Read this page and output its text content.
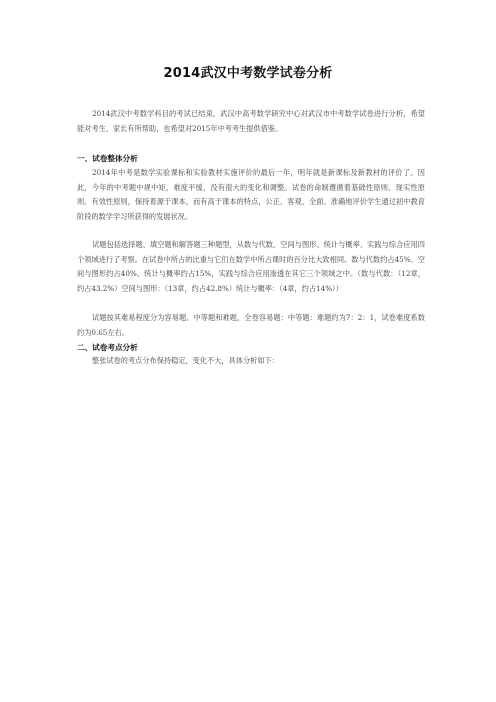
2014武汉中考数学试卷分析

2014武汉中考数学科目的考试已结束，武汉中高考数学研究中心对武汉市中考数学试卷进行分析，希望能对考生、家长有所帮助，也希望对2015年中考考生提供借鉴。

一、试卷整体分析

2014年中考是数学实验课标和实验教材实施评价的最后一年，明年就是新课标及新教材的评价了。因此，今年的中考题中规中矩，难度平缓，没有很大的变化和调整。试卷的命制遵循着基础性原则、现实性原则、有效性原则，保持着源于课本，而有高于课本的特点，公正、客观、全面、准确地评价学生通过初中教育阶段的数学学习所获得的发展状况。

试题包括选择题、填空题和解答题三种题型，从数与代数、空间与图形、统计与概率、实践与综合应用四个领域进行了考察。在试卷中所占的比重与它们在数学中所占课时的百分比大致相同。数与代数约占45%、空间与图形约占40%、统计与概率约占15%，实践与综合应用渗透在其它三个领域之中。（数与代数：（12章，约占43.2%）空间与图形：（13章，约占42.8%）统计与概率：（4章，约占14%））

试题按其难易程度分为容易题、中等题和难题，全卷容易题：中等题：难题约为7：2：1，试卷难度系数约为0.65左右。

二、试卷考点分析

整张试卷的考点分布保持稳定，变化不大，具体分析如下：
